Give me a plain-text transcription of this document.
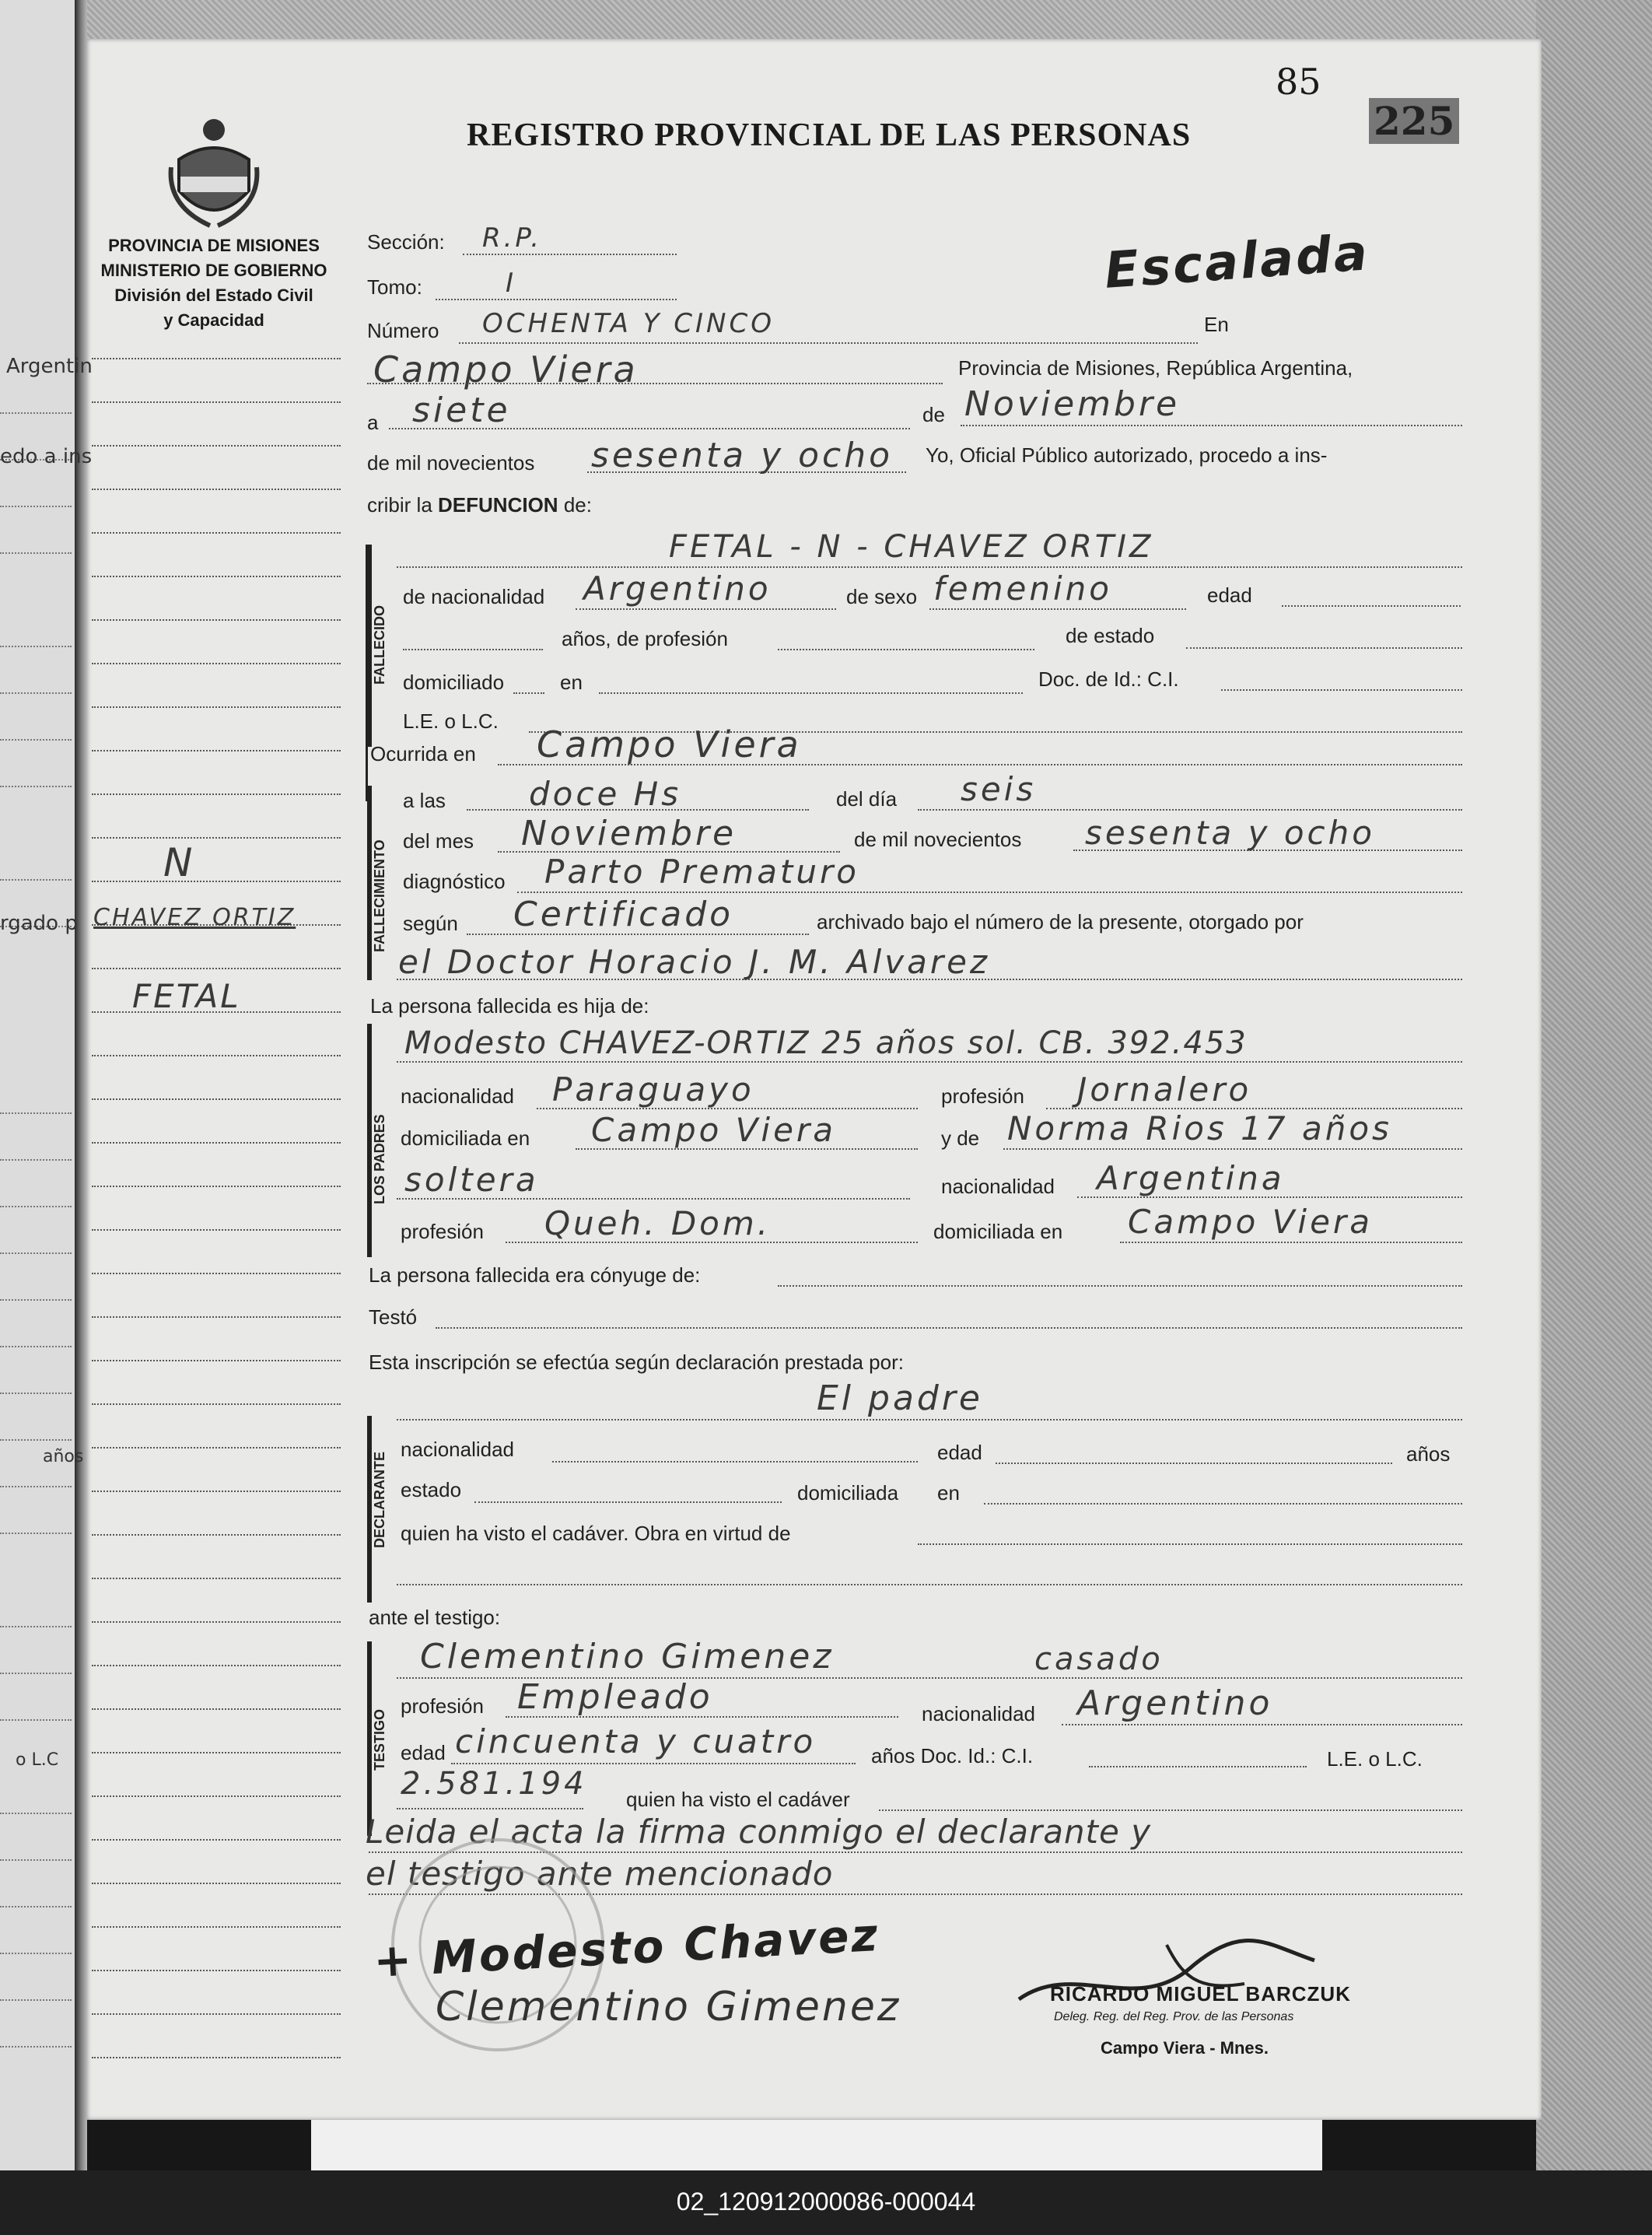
85
225
REGISTRO PROVINCIAL DE LAS PERSONAS
PROVINCIA DE MISIONES
MINISTERIO DE GOBIERNO
División del Estado Civil
y Capacidad
Escalada
Sección: R.P.
Tomo:	I
Número OCHENTA Y CINCO	En
Campo Viera	Provincia de Misiones, República Argentina,
a siete	de Noviembre
de mil novecientos sesenta y ocho Yo, Oficial Público autorizado, procedo a ins-
cribir la DEFUNCION de:
FALLECIDO
FETAL - N - CHAVEZ ORTIZ
de nacionalidad Argentino	de sexo femenino	edad
años, de profesión	de estado
domiciliado	en	Doc. de Id.: C.I.
L.E. o L.C.
Ocurrida en Campo Viera
FALLECIMIENTO
a las	doce Hs	del día seis
del mes Noviembre	de mil novecientos sesenta y ocho
diagnóstico Parto Prematuro
según Certificado	archivado bajo el número de la presente, otorgado por
el Doctor Horacio J. M. Alvarez
La persona fallecida es hija de:
LOS PADRES
Modesto CHAVEZ-ORTIZ 25 años sol. CB. 392.453
nacionalidad Paraguayo	profesión Jornalero
domiciliada en Campo Viera	y de Norma Rios 17 años
soltera	nacionalidad Argentina
profesión Queh. Dom.	domiciliada en Campo Viera
La persona fallecida era cónyuge de:
Testó
Esta inscripción se efectúa según declaración prestada por:
DECLARANTE
El padre
nacionalidad	edad	años
estado	domiciliada en
quien ha visto el cadáver. Obra en virtud de
ante el testigo:
TESTIGO
Clementino Gimenez	casado
profesión Empleado	nacionalidad Argentino
edad cincuenta y cuatro	años Doc. Id.: C.I.	L.E. o L.C.
2.581.194 quien ha visto el cadáver
Leida el acta la firma conmigo el declarante y
el testigo ante mencionado
+ Modesto Chavez
Clementino Gimenez	RICARDO MIGUEL BARCZUK
Deleg. Reg. del Reg. Prov. de las Personas
Campo Viera - Mnes.
N
CHAVEZ ORTIZ
FETAL
Argentin
edo a ins
rgado p
años
o L.C
02_120912000086-000044
